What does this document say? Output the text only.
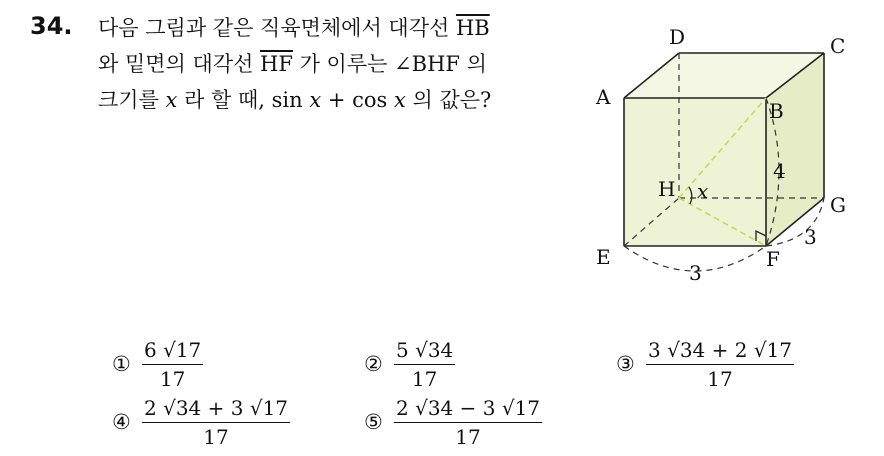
34. 다음 그림과 같은 직육면체에서 대각선 $\overline{HB}$
와 밑면의 대각선 $\overline{HF}$ 가 이루는 ∠BHF 의
크기를 x 라 할 때, sin x + cos x 의 값은?
D	C
A
B
H
G
E	F
4
3
3
x
① $\frac{6 √17}{17}$	② $\frac{5 √34}{17}$	③ $\frac{3 √34 + 2 √17}{17}$
④ $\frac{2 √34 + 3 √17}{17}$	⑤ $\frac{2 √34 - 3 √17}{17}$
